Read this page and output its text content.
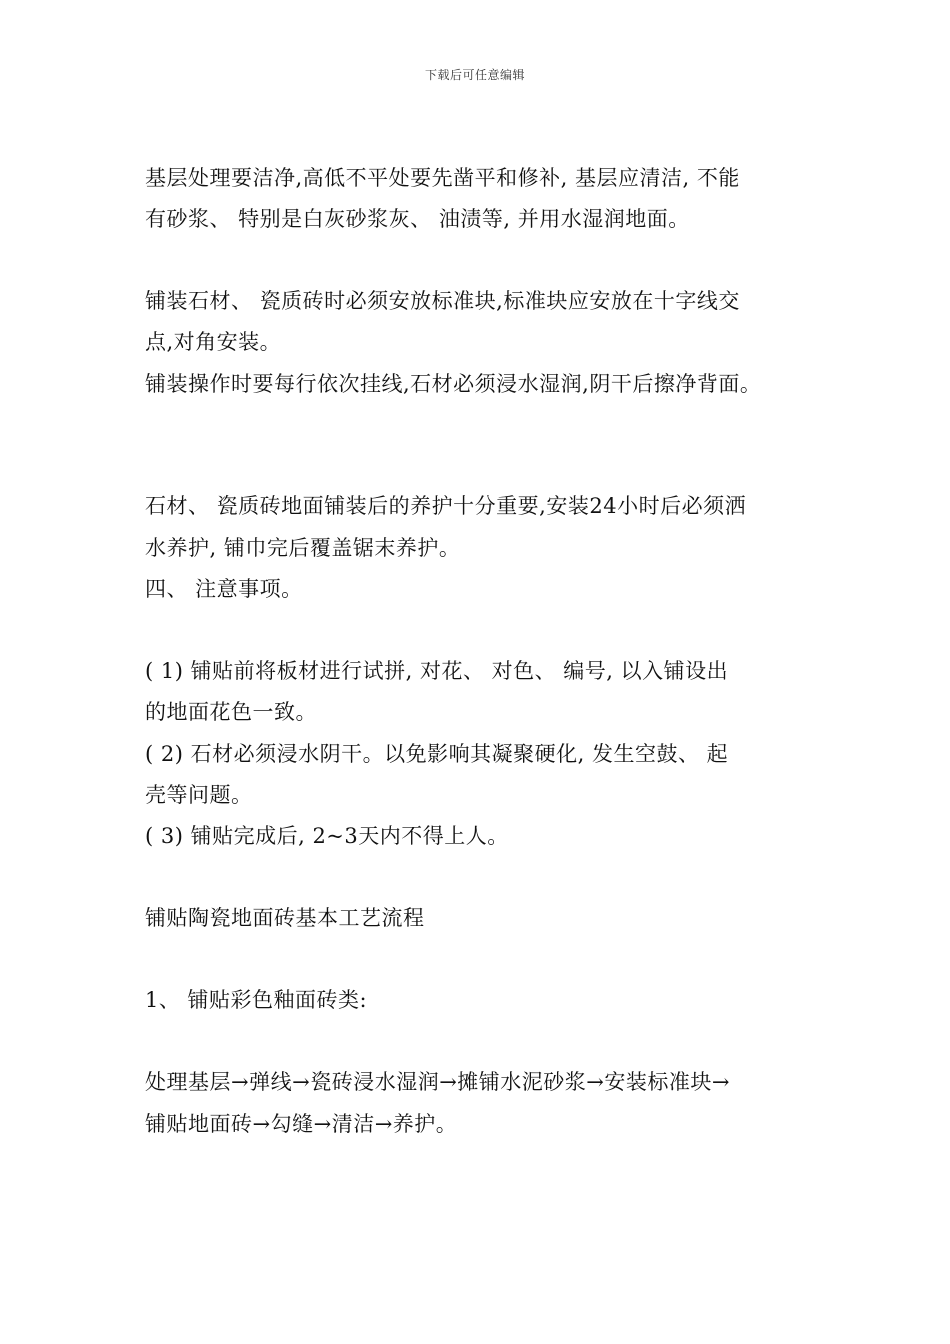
下载后可任意编辑
基层处理要洁净,高低不平处要先凿平和修补, 基层应清洁, 不能
有砂浆、 特别是白灰砂浆灰、 油渍等, 并用水湿润地面。
铺装石材、 瓷质砖时必须安放标准块,标准块应安放在十字线交
点,对角安装。
铺装操作时要每行依次挂线,石材必须浸水湿润,阴干后擦净背面。
石材、 瓷质砖地面铺装后的养护十分重要,安装24小时后必须洒
水养护, 铺巾完后覆盖锯末养护。
四、 注意事项。
( 1) 铺贴前将板材进行试拼, 对花、 对色、 编号, 以入铺设出
的地面花色一致。
( 2) 石材必须浸水阴干。以免影响其凝聚硬化, 发生空鼓、 起
壳等问题。
( 3) 铺贴完成后, 2~3天内不得上人。
铺贴陶瓷地面砖基本工艺流程
1、 铺贴彩色釉面砖类:
处理基层→弹线→瓷砖浸水湿润→摊铺水泥砂浆→安装标准块→
铺贴地面砖→勾缝→清洁→养护。
